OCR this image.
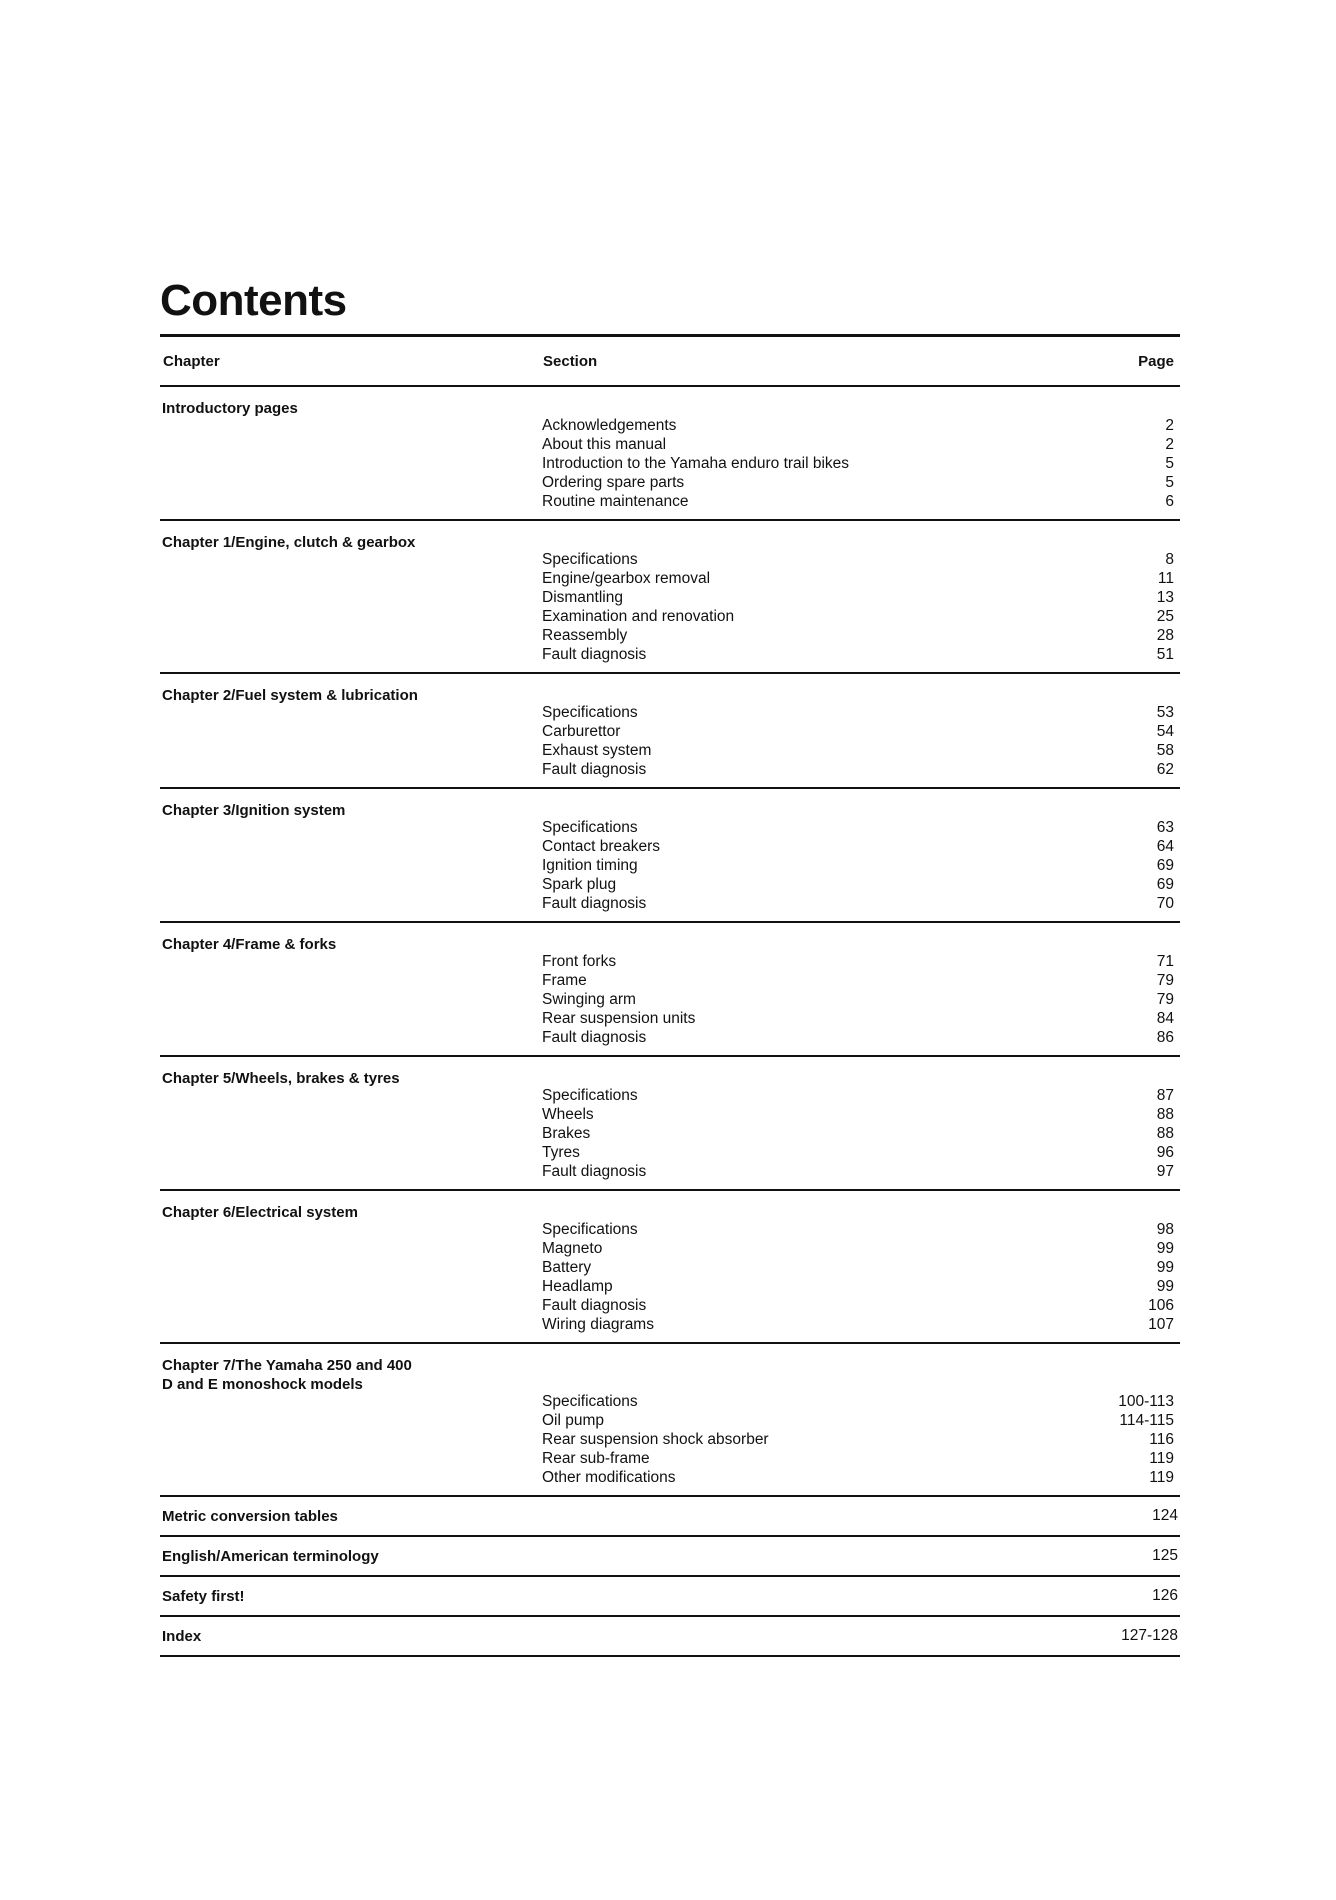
Contents
Chapter	Section	Page
Introductory pages
Acknowledgements	2
About this manual	2
Introduction to the Yamaha enduro trail bikes	5
Ordering spare parts	5
Routine maintenance	6
Chapter 1/Engine, clutch & gearbox
Specifications	8
Engine/gearbox removal	11
Dismantling	13
Examination and renovation	25
Reassembly	28
Fault diagnosis	51
Chapter 2/Fuel system & lubrication
Specifications	53
Carburettor	54
Exhaust system	58
Fault diagnosis	62
Chapter 3/Ignition system
Specifications	63
Contact breakers	64
Ignition timing	69
Spark plug	69
Fault diagnosis	70
Chapter 4/Frame & forks
Front forks	71
Frame	79
Swinging arm	79
Rear suspension units	84
Fault diagnosis	86
Chapter 5/Wheels, brakes & tyres
Specifications	87
Wheels	88
Brakes	88
Tyres	96
Fault diagnosis	97
Chapter 6/Electrical system
Specifications	98
Magneto	99
Battery	99
Headlamp	99
Fault diagnosis	106
Wiring diagrams	107
Chapter 7/The Yamaha 250 and 400
D and E monoshock models
Specifications	100-113
Oil pump	114-115
Rear suspension shock absorber	116
Rear sub-frame	119
Other modifications	119
Metric conversion tables	124
English/American terminology	125
Safety first!	126
Index	127-128
